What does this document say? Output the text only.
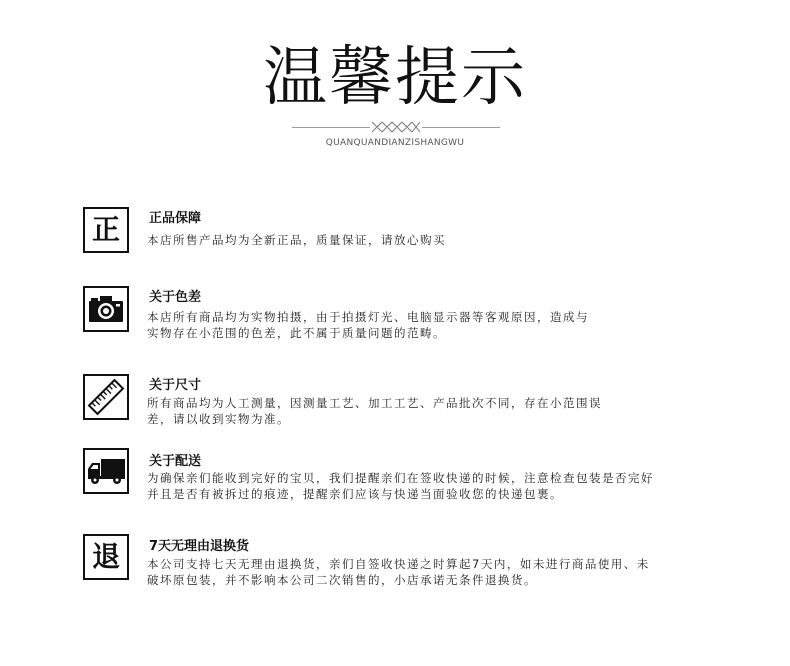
温馨提示
QUANQUANDIANZISHANGWU
正 正品保障
本店所售产品均为全新正品，质量保证，请放心购买
关于色差
本店所有商品均为实物拍摄，由于拍摄灯光、电脑显示器等客观原因，造成与
实物存在小范围的色差，此不属于质量问题的范畴。
关于尺寸
所有商品均为人工测量，因测量工艺、加工工艺、产品批次不同，存在小范围误
差，请以收到实物为准。
关于配送
为确保亲们能收到完好的宝贝，我们提醒亲们在签收快递的时候，注意检查包装是否完好
并且是否有被拆过的痕迹，提醒亲们应该与快递当面验收您的快递包裹。
退 7天无理由退换货
本公司支持七天无理由退换货，亲们自签收快递之时算起7天内，如未进行商品使用、未
破坏原包装，并不影响本公司二次销售的，小店承诺无条件退换货。
